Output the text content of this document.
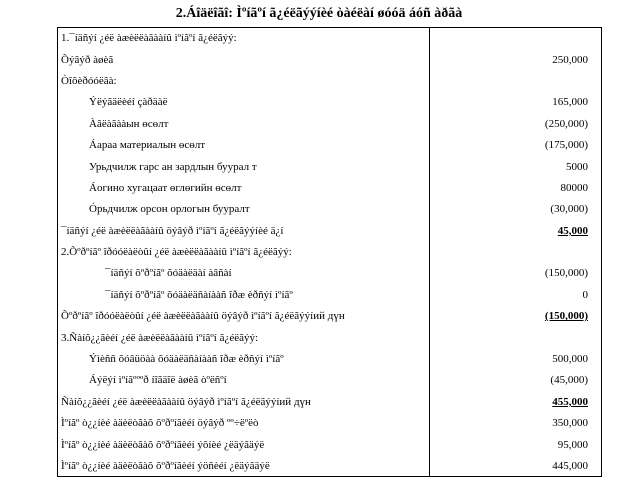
2.Áîäëîãî: Ìºíãºí ã¿éëãýýíèé òàéëàí øóóä áóñ àðãà
1.¯íäñýí ¿éë àæèëëàãààíû ìºíãºí ã¿éëãýý:	
Õýâýð àøèã	250,000
Òîõèðóóëãà:	
Ýëýãäëèéí çàðäàë	165,000
Àâëàãààын өсөлт	(250,000)
Áараа материалын өсөлт	(175,000)
Урьдчилж гарс ан зардлын буурал т	5000
Áогино хугацаат өглөгийн өсөлт	80000
Óрьдчилж орсон орлогын бууралт	(30,000)
¯íäñýí ¿éë àæèëëàãààíû öýâýð ìºíãºí ã¿éëãýýíèé ä¿í	45,000
2.Õºðºíãº îðóóëàëòûí ¿éë àæèëëàãààíû ìºíãºí ã¿éëãýý:	
¯íäñýí õºðºíãº õóäàëäàí àâñàí	(150,000)
¯íäñýí õºðºíãº õóäàëäñàíààñ îðæ èðñýí ìºíãº	0
Õºðºíãº îðóóëàëòûí ¿éë àæèëëàãààíû öýâýð ìºíãºí ã¿éëãýýíий дүн	(150,000)
3.Ñàíõ¿¿ãèéí ¿éë àæèëëàãààíû ìºíãºí ã¿éëãýý:	
Ýìèññ õóâüöàà õóäàëäñàíààñ îðæ èðñýí ìºíãº	500,000
Áýëýí ìºíãºººð íîãäîë àøèã òºëñºí	(45,000)
Ñàíõ¿¿ãèéí ¿éë àæèëëàãààíû öýâýð ìºíãºí ã¿éëãýýíий дүн	455,000
Ìºíãº ò¿¿íèé àäèëòãàõ õºðºíãèéí öýâýð ºº÷ëºëò	350,000
Ìºíãº ò¿¿íèé àäèëòãàõ õºðºíãèéí ýõíèé ¿ëäýãäýë	95,000
Ìºíãº ò¿¿íèé àäèëòãàõ õºðºíãèéí ýöñèéí ¿ëäýãäýë	445,000
